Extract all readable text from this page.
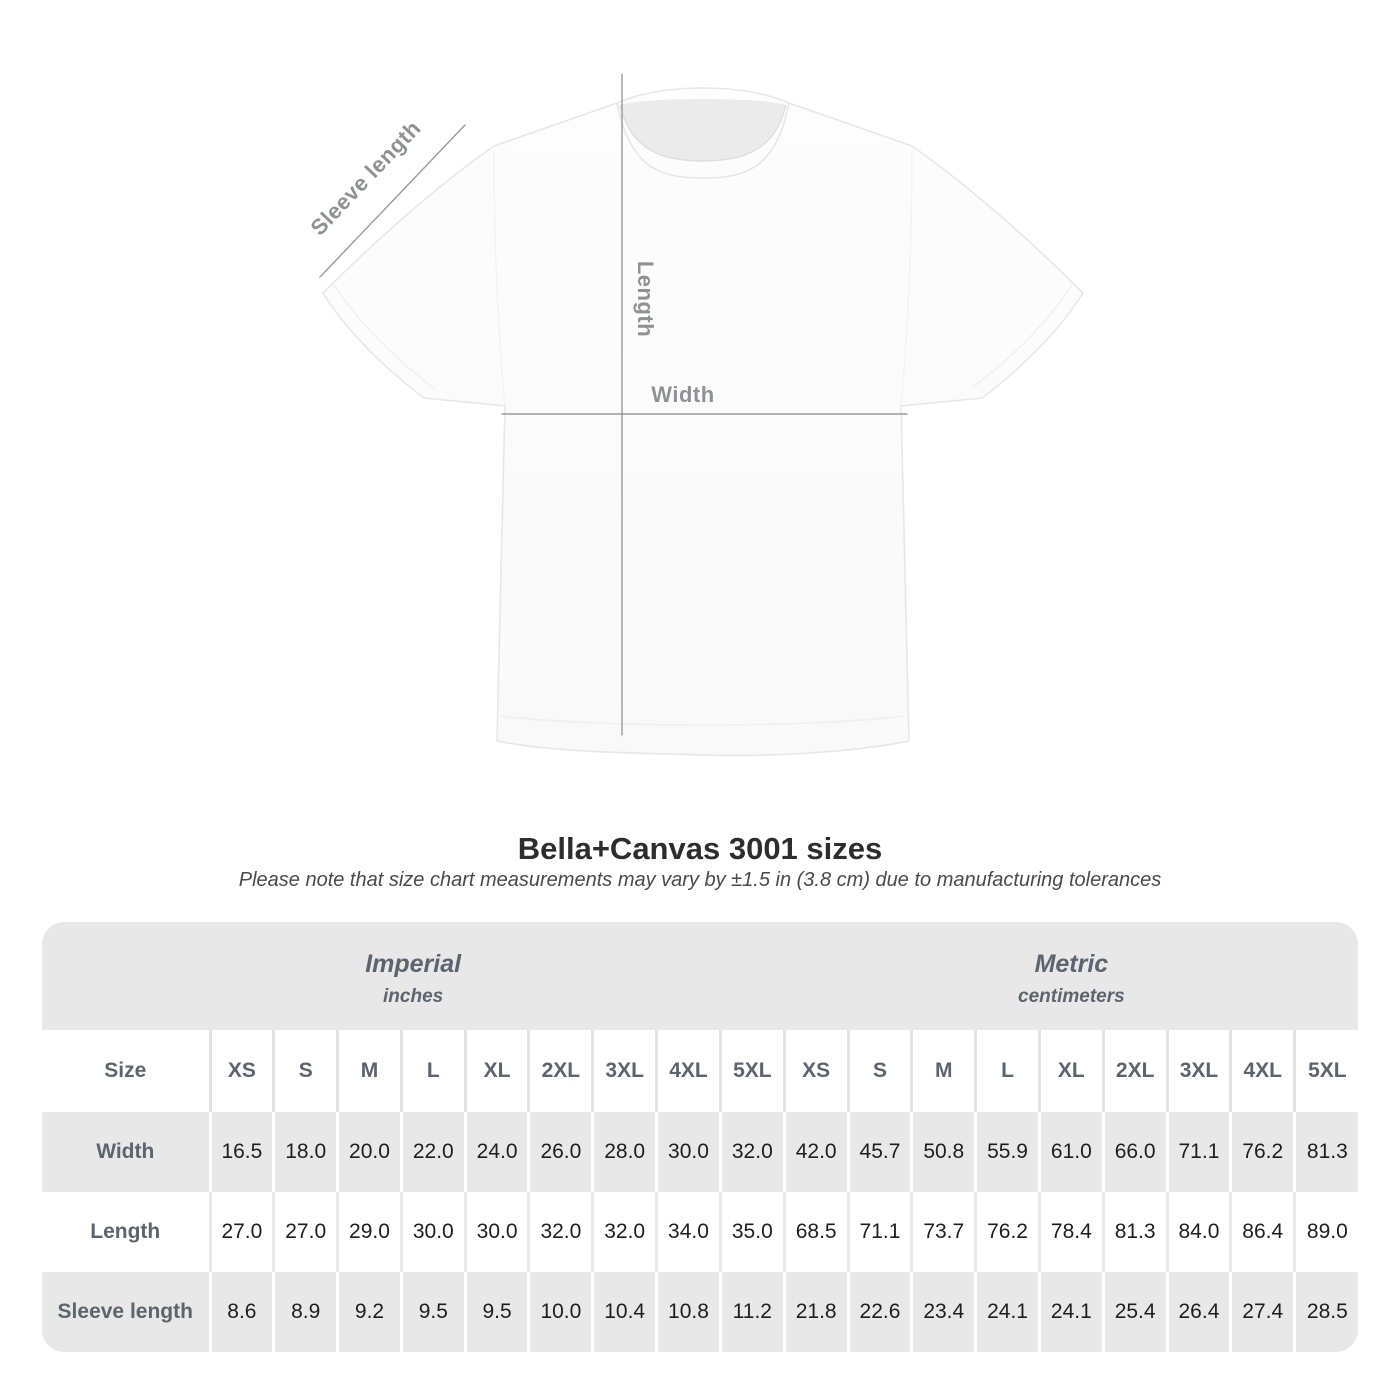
Width
Length
Sleeve length
Bella+Canvas 3001 sizes
Please note that size chart measurements may vary by ±1.5 in (3.8 cm) due to manufacturing tolerances
Imperial
inches

Metric
centimeters

Size	XS	S	M	L	XL	2XL	3XL	4XL	5XL	XS	S	M	L	XL	2XL	3XL	4XL	5XL
Width	16.5	18.0	20.0	22.0	24.0	26.0	28.0	30.0	32.0	42.0	45.7	50.8	55.9	61.0	66.0	71.1	76.2	81.3
Length	27.0	27.0	29.0	30.0	30.0	32.0	32.0	34.0	35.0	68.5	71.1	73.7	76.2	78.4	81.3	84.0	86.4	89.0
Sleeve length	8.6	8.9	9.2	9.5	9.5	10.0	10.4	10.8	11.2	21.8	22.6	23.4	24.1	24.1	25.4	26.4	27.4	28.5
